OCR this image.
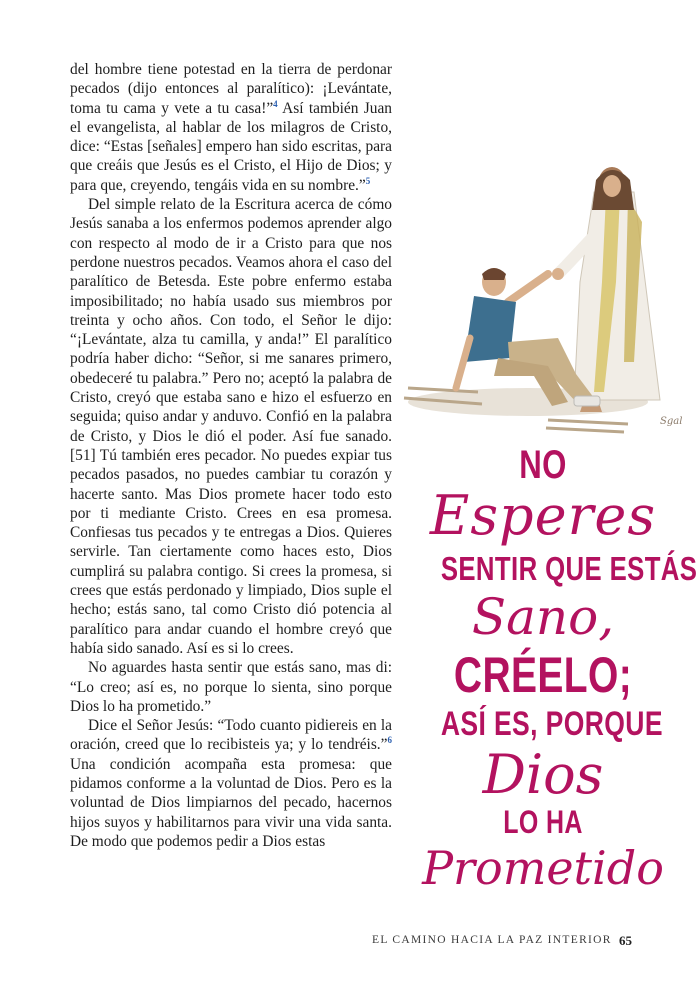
del hombre tiene potestad en la tierra de perdonar pecados (dijo entonces al paralítico): ¡Levántate, toma tu cama y vete a tu casa!”$^4$ Así también Juan el evangelista, al hablar de los milagros de Cristo, dice: “Estas [señales] empero han sido escritas, para que creáis que Jesús es el Cristo, el Hijo de Dios; y para que, creyendo, tengáis vida en su nombre.”$^5$

Del simple relato de la Escritura acerca de cómo Jesús sanaba a los enfermos podemos aprender algo con respecto al modo de ir a Cristo para que nos perdone nuestros pecados. Veamos ahora el caso del paralítico de Betesda. Este pobre enfermo estaba imposibilitado; no había usado sus miembros por treinta y ocho años. Con todo, el Señor le dijo: “¡Levántate, alza tu camilla, y anda!” El paralítico podría haber dicho: “Señor, si me sanares primero, obedeceré tu palabra.” Pero no; aceptó la palabra de Cristo, creyó que estaba sano e hizo el esfuerzo en seguida; quiso andar y anduvo. Confió en la palabra de Cristo, y Dios le dió el poder. Así fue sanado. [51] Tú también eres pecador. No puedes expiar tus pecados pasados, no puedes cambiar tu corazón y hacerte santo. Mas Dios promete hacer todo esto por ti mediante Cristo. Crees en esa promesa. Confiesas tus pecados y te entregas a Dios. Quieres servirle. Tan ciertamente como haces esto, Dios cumplirá su palabra contigo. Si crees la promesa, si crees que estás perdonado y limpiado, Dios suple el hecho; estás sano, tal como Cristo dió potencia al paralítico para andar cuando el hombre creyó que había sido sanado. Así es si lo crees.

No aguardes hasta sentir que estás sano, mas di: “Lo creo; así es, no porque lo sienta, sino porque Dios lo ha prometido.”

Dice el Señor Jesús: “Todo cuanto pidiereis en la oración, creed que lo recibisteis ya; y lo tendréis.”$^6$ Una condición acompaña esta promesa: que pidamos conforme a la voluntad de Dios. Pero es la voluntad de Dios limpiarnos del pecado, hacernos hijos suyos y habilitarnos para vivir una vida santa. De modo que podemos pedir a Dios estas

Sgal
NO
Esperes
SENTIR QUE ESTÁS
Sano,
CRÉELO;
ASÍ ES, PORQUE
Dios
LO HA
Prometido
EL CAMINO HACIA LA PAZ INTERIOR 65
